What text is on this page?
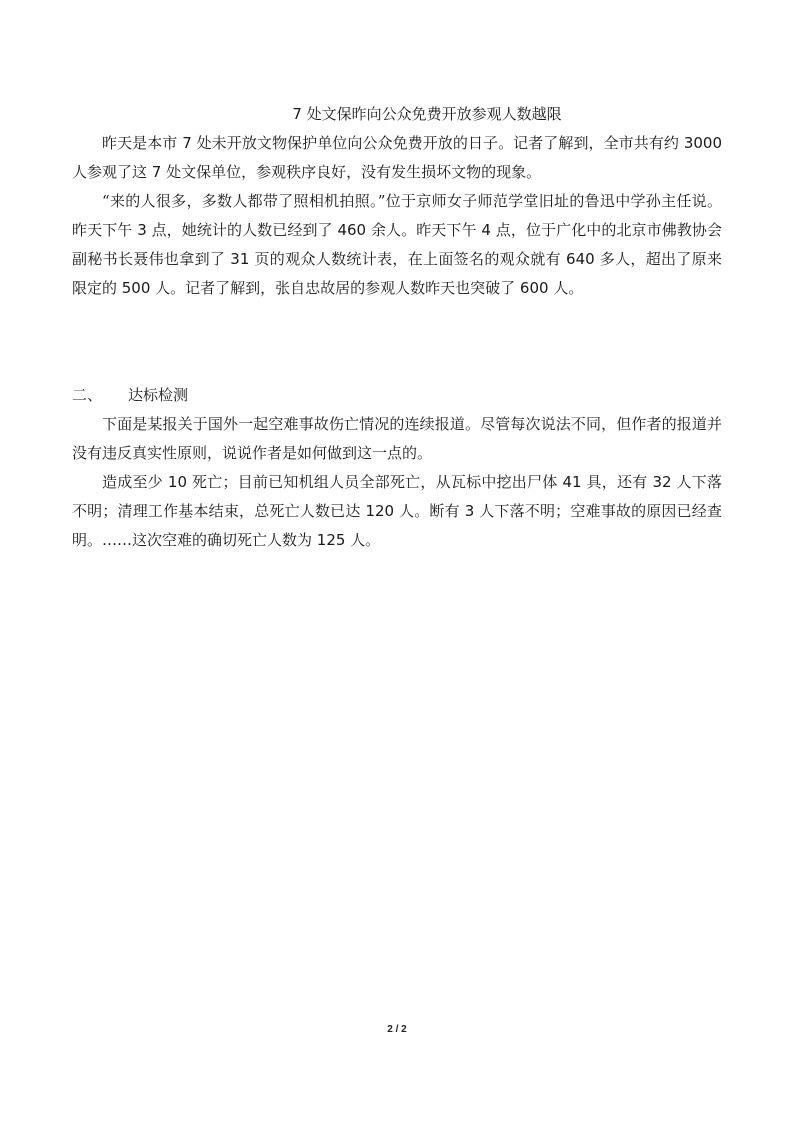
7 处文保昨向公众免费开放参观人数越限

昨天是本市 7 处未开放文物保护单位向公众免费开放的日子。记者了解到，全市共有约 3000 人参观了这 7 处文保单位，参观秩序良好，没有发生损坏文物的现象。

“来的人很多，多数人都带了照相机拍照。”位于京师女子师范学堂旧址的鲁迅中学孙主任说。昨天下午 3 点，她统计的人数已经到了 460 余人。昨天下午 4 点，位于广化中的北京市佛教协会副秘书长聂伟也拿到了 31 页的观众人数统计表，在上面签名的观众就有 640 多人，超出了原来限定的 500 人。记者了解到，张自忠故居的参观人数昨天也突破了 600 人。

二、 达标检测

下面是某报关于国外一起空难事故伤亡情况的连续报道。尽管每次说法不同，但作者的报道并没有违反真实性原则，说说作者是如何做到这一点的。

造成至少 10 死亡；目前已知机组人员全部死亡，从瓦标中挖出尸体 41 具，还有 32 人下落不明；清理工作基本结束，总死亡人数已达 120 人。断有 3 人下落不明；空难事故的原因已经查明。……这次空难的确切死亡人数为 125 人。

2 / 2
